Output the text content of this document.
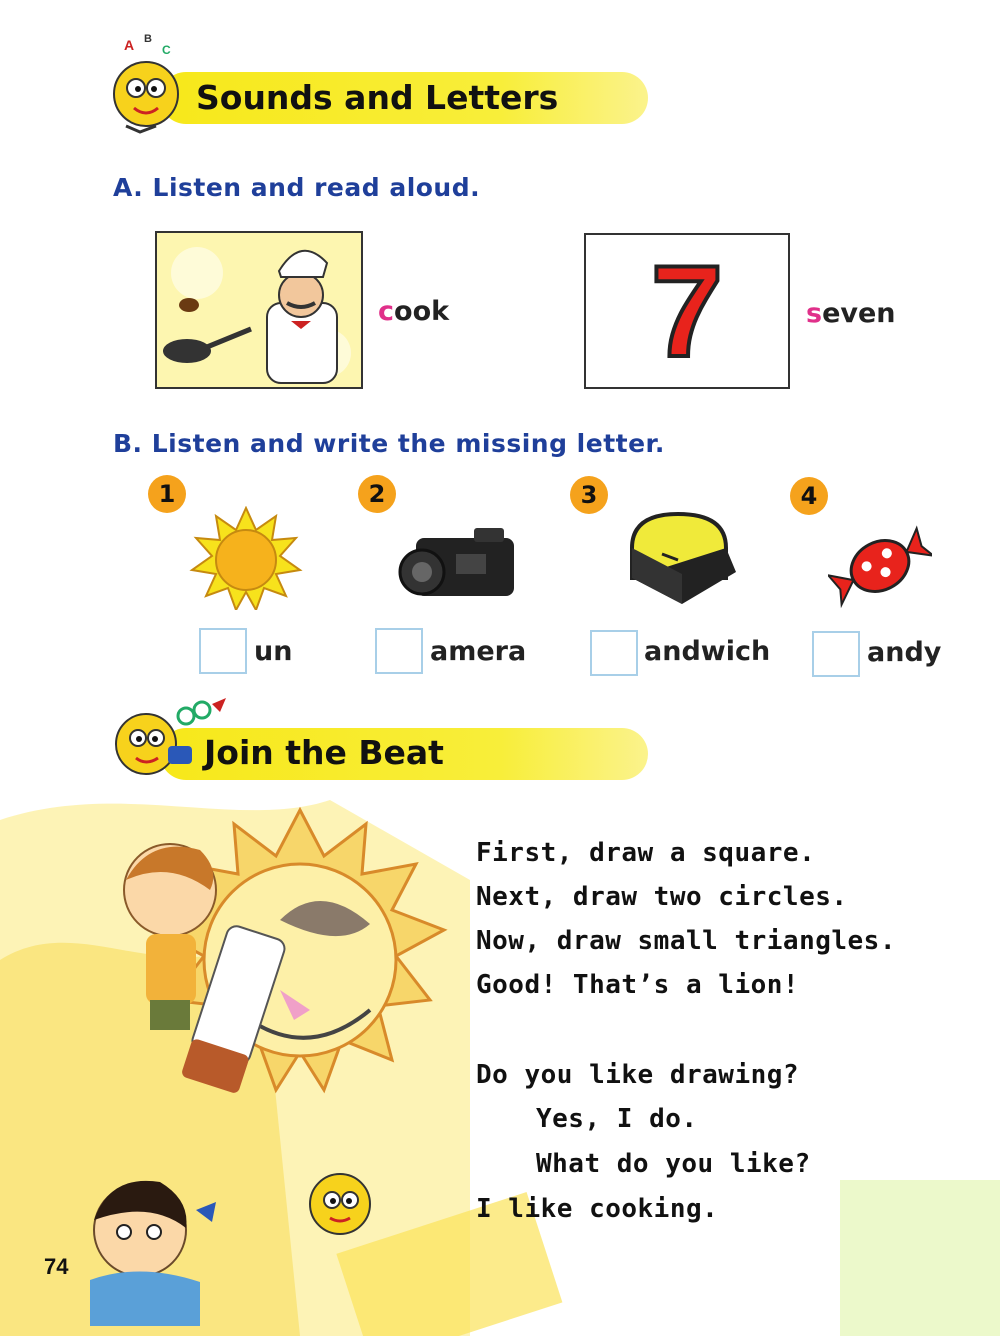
A B
C
Sounds and Letters
A. Listen and read aloud.
cook	7	seven
B. Listen and write the missing letter.
1
un
2
amera
3
andwich
4
andy
Join the Beat
First, draw a square.
Next, draw two circles.
Now, draw small triangles.
Good! That’s a lion!
Do you like drawing?
Yes, I do.
What do you like?
I like cooking.
74
